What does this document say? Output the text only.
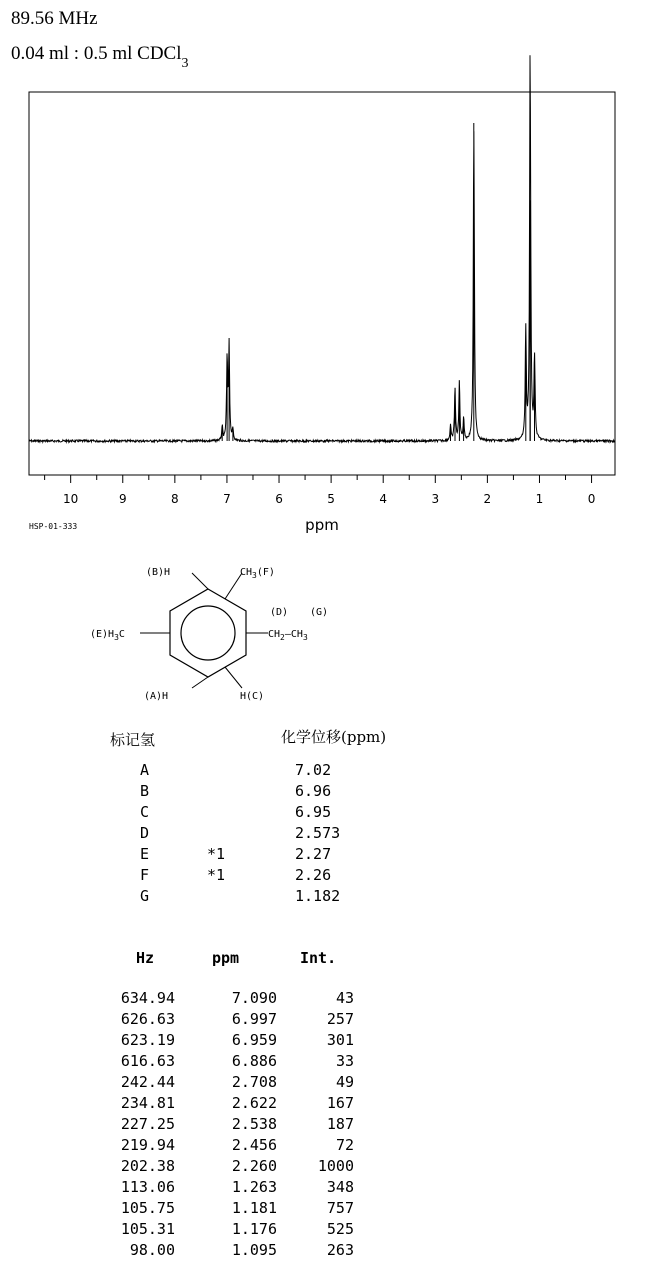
89.56 MHz
0.04 ml : 0.5 ml CDCl$_3$
10	9	8	7	6	5	4	3	2	1	0
ppm
HSP-01-333
(B)H	$CH_3(F)$
(D) (G)
$CH_2—CH_3$
$(E)H_3C$
(A)H	H(C)
标记氢	化学位移(ppm)
A	7.02
B	6.96
C	6.95
D	2.573
E	*1	2.27
F	*1	2.26
G	1.182
Hz	ppm	Int.
634.94	7.090	43
626.63	6.997	257
623.19	6.959	301
616.63	6.886	33
242.44	2.708	49
234.81	2.622	167
227.25	2.538	187
219.94	2.456	72
202.38	2.260	1000
113.06	1.263	348
105.75	1.181	757
105.31	1.176	525
98.00	1.095	263
